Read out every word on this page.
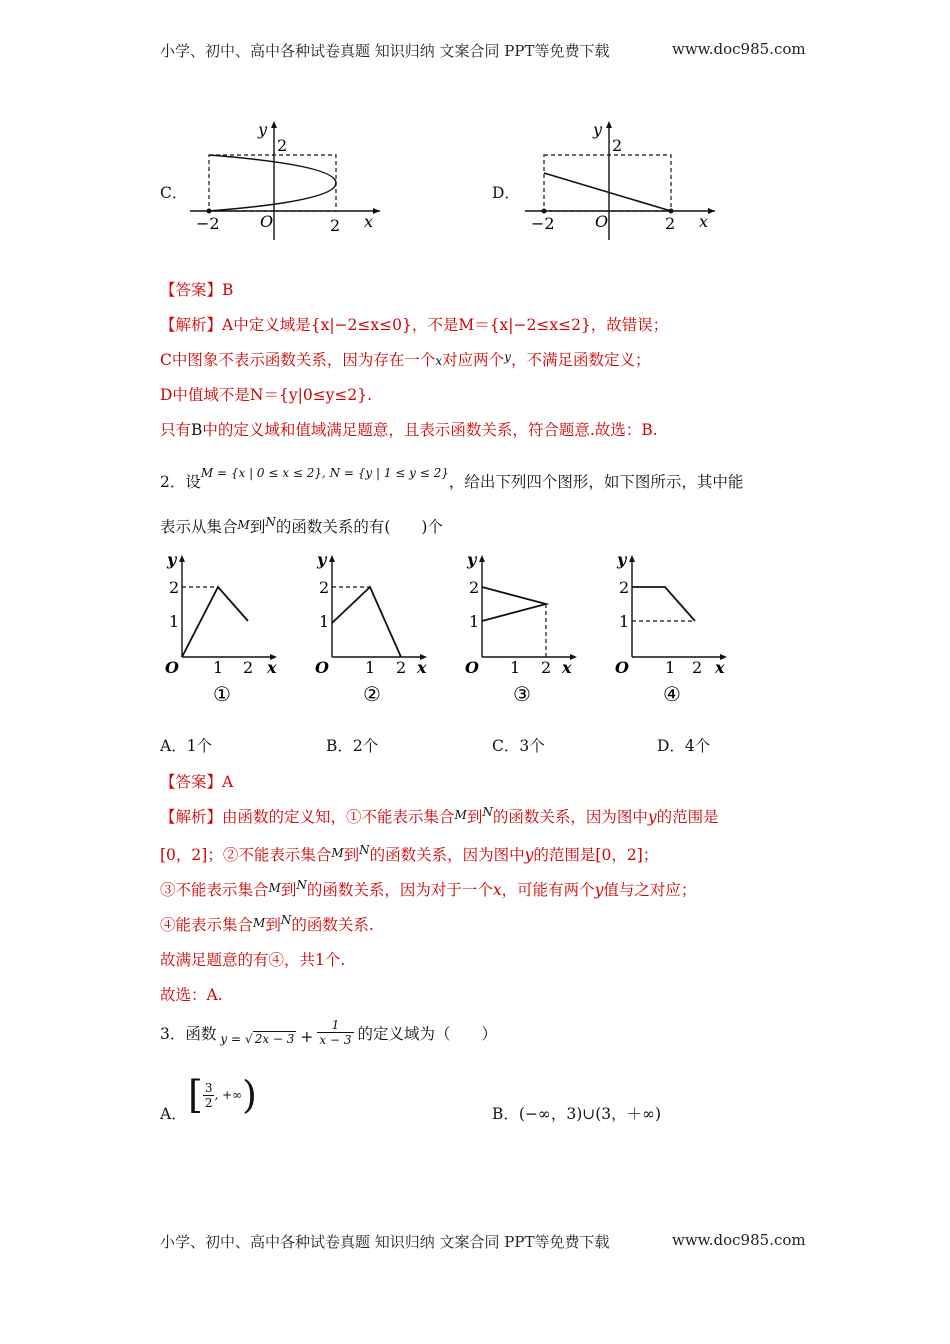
小学、初中、高中各种试卷真题 知识归纳 文案合同 PPT等免费下载	www.doc985.com
C．
−2	O	2 x
y
2
D．
−2	O	2 x
y
2
【答案】B
【解析】A中定义域是{x|−2≤x≤0}，不是M＝{x|−2≤x≤2}，故错误；
C中图象不表示函数关系，因为存在一个x对应两个$^y$，不满足函数定义；
D中值域不是N＝{y|0≤y≤2}.
只有B中的定义域和值域满足题意，且表示函数关系，符合题意.故选：B.
2．设$^{M = \{x | 0 \le x \le 2\}, N = \{y | 1 \le y \le 2\}}$，给出下列四个图形，如下图所示，其中能
表示从集合M到$^N$的函数关系的有(　　)个
y
2
1
O 1 2 x
①
y
2
1
O 1 2 x
②
y
2
1
O 1 2 x
③
y
2
1
O 1 2 x
④
A．1个	B．2个	C．3个	D．4个
【答案】A
【解析】由函数的定义知，①不能表示集合M到$^N$的函数关系，因为图中y的范围是
[0，2]；②不能表示集合M到$^N$的函数关系，因为图中y的范围是[0，2]；
③不能表示集合M到$^N$的函数关系，因为对于一个x，可能有两个y值与之对应；
④能表示集合M到$^N$的函数关系.
故满足题意的有④，共1个.
故选：A.
3．函数 y = √ $2x - 3 + \frac{1}{x - 3}$ 的定义域为（　　）
A． [ $\frac{3}{2}$ , +∞ )	B．(−∞，3)∪(3，＋∞)
小学、初中、高中各种试卷真题 知识归纳 文案合同 PPT等免费下载	www.doc985.com
